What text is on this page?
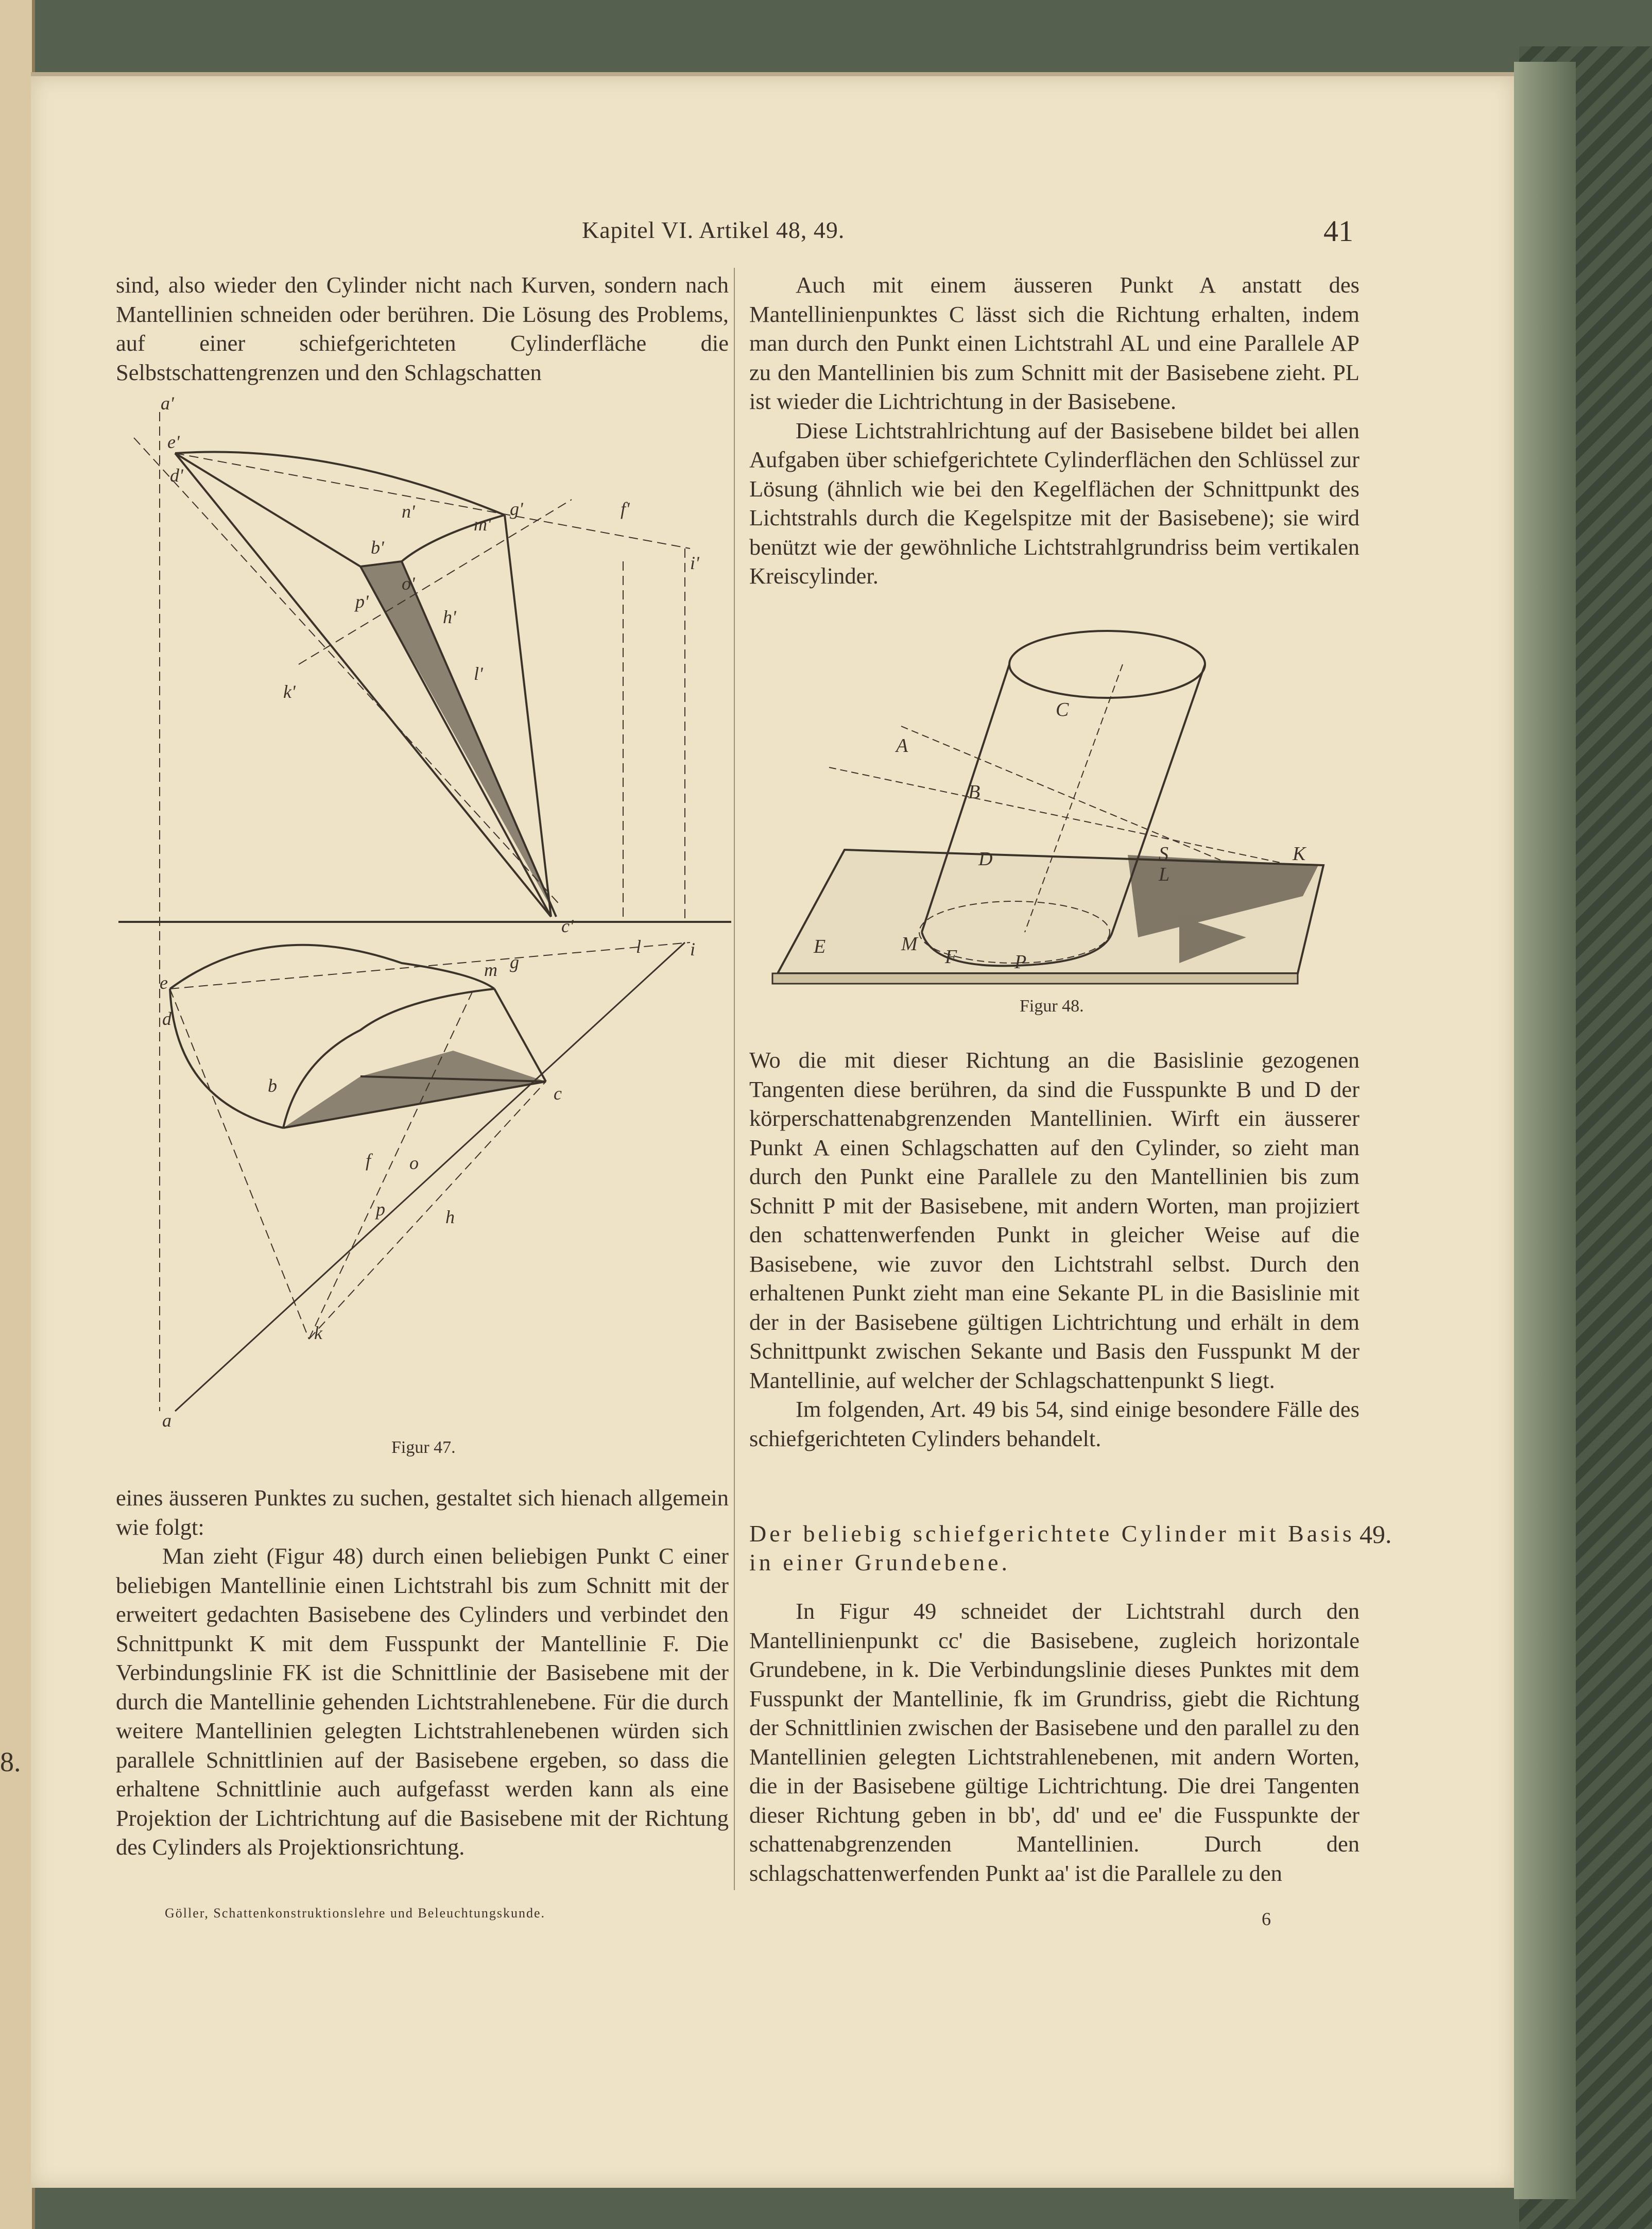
8.
Kapitel VI. Artikel 48, 49.	41

sind, also wieder den Cylinder nicht nach Kurven, sondern nach Mantellinien schneiden oder berühren. Die Lösung des Problems, auf einer schiefgerichteten Cylinderfläche die Selbstschattengrenzen und den Schlagschatten

a'
e'
d'
n'
m'
g'	f'
i'
b'
p'
o'
h'
k'
l'
c'
e
d
m g
l	i
b
f o
h
p
k
c
a
Figur 47.

eines äusseren Punktes zu suchen, gestaltet sich hienach allgemein wie folgt:

Man zieht (Figur 48) durch einen beliebigen Punkt C einer beliebigen Mantellinie einen Lichtstrahl bis zum Schnitt mit der erweitert gedachten Basisebene des Cylinders und verbindet den Schnittpunkt K mit dem Fusspunkt der Mantellinie F. Die Verbindungslinie FK ist die Schnittlinie der Basisebene mit der durch die Mantellinie gehenden Lichtstrahlenebene. Für die durch weitere Mantellinien gelegten Lichtstrahlenebenen würden sich parallele Schnittlinien auf der Basisebene ergeben, so dass die erhaltene Schnittlinie auch aufgefasst werden kann als eine Projektion der Lichtrichtung auf die Basisebene mit der Richtung des Cylinders als Projektionsrichtung.

Auch mit einem äusseren Punkt A anstatt des Mantellinienpunktes C lässt sich die Richtung erhalten, indem man durch den Punkt einen Lichtstrahl AL und eine Parallele AP zu den Mantellinien bis zum Schnitt mit der Basisebene zieht. PL ist wieder die Lichtrichtung in der Basisebene.

Diese Lichtstrahlrichtung auf der Basisebene bildet bei allen Aufgaben über schiefgerichtete Cylinderflächen den Schlüssel zur Lösung (ähnlich wie bei den Kegelflächen der Schnittpunkt des Lichtstrahls durch die Kegelspitze mit der Basisebene); sie wird benützt wie der gewöhnliche Lichtstrahlgrundriss beim vertikalen Kreiscylinder.

A
C
B
D	S
L
K
E	M
F	P
Figur 48.

Wo die mit dieser Richtung an die Basislinie gezogenen Tangenten diese berühren, da sind die Fusspunkte B und D der körperschattenabgrenzenden Mantellinien. Wirft ein äusserer Punkt A einen Schlagschatten auf den Cylinder, so zieht man durch den Punkt eine Parallele zu den Mantellinien bis zum Schnitt P mit der Basisebene, mit andern Worten, man projiziert den schattenwerfenden Punkt in gleicher Weise auf die Basisebene, wie zuvor den Lichtstrahl selbst. Durch den erhaltenen Punkt zieht man eine Sekante PL in die Basislinie mit der in der Basisebene gültigen Lichtrichtung und erhält in dem Schnittpunkt zwischen Sekante und Basis den Fusspunkt M der Mantellinie, auf welcher der Schlagschattenpunkt S liegt.

Im folgenden, Art. 49 bis 54, sind einige besondere Fälle des schiefgerichteten Cylinders behandelt.

Der beliebig schiefgerichtete Cylinder mit Basis in einer Grundebene.
49.

In Figur 49 schneidet der Lichtstrahl durch den Mantellinienpunkt cc' die Basisebene, zugleich horizontale Grundebene, in k. Die Verbindungslinie dieses Punktes mit dem Fusspunkt der Mantellinie, fk im Grundriss, giebt die Richtung der Schnittlinien zwischen der Basisebene und den parallel zu den Mantellinien gelegten Lichtstrahlenebenen, mit andern Worten, die in der Basisebene gültige Lichtrichtung. Die drei Tangenten dieser Richtung geben in bb', dd' und ee' die Fusspunkte der schattenabgrenzenden Mantellinien. Durch den schlagschattenwerfenden Punkt aa' ist die Parallele zu den

Göller, Schattenkonstruktionslehre und Beleuchtungskunde.	6
